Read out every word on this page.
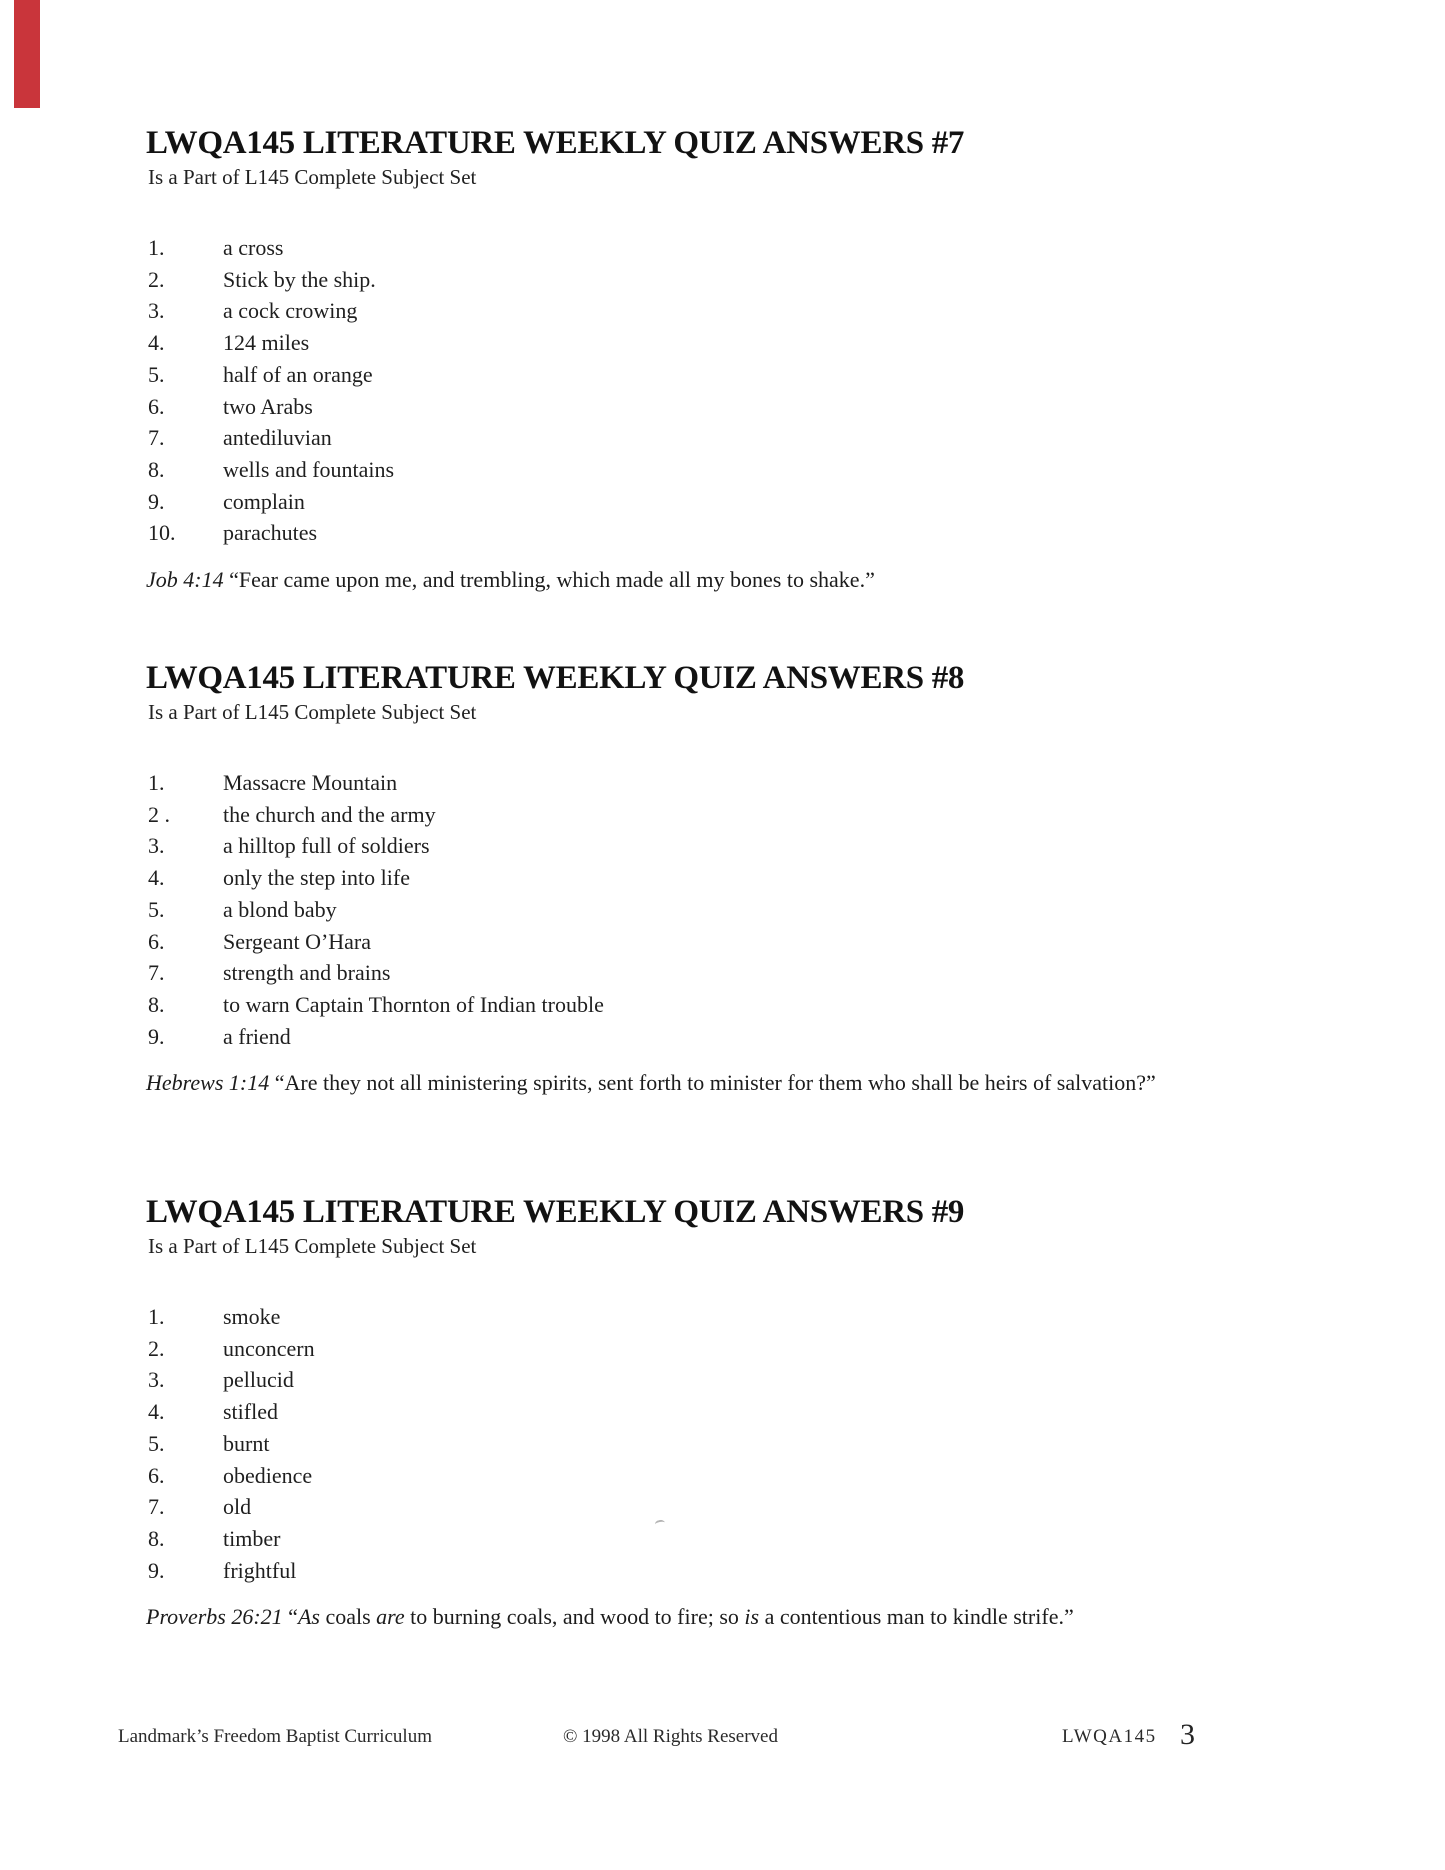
LWQA145 LITERATURE WEEKLY QUIZ ANSWERS #7
Is a Part of L145 Complete Subject Set
1.	a cross
2.	Stick by the ship.
3.	a cock crowing
4.	124 miles
5.	half of an orange
6.	two Arabs
7.	antediluvian
8.	wells and fountains
9.	complain
10.	parachutes

Job 4:14 “Fear came upon me, and trembling, which made all my bones to shake.”

LWQA145 LITERATURE WEEKLY QUIZ ANSWERS #8
Is a Part of L145 Complete Subject Set
1.	Massacre Mountain
2 .	the church and the army
3.	a hilltop full of soldiers
4.	only the step into life
5.	a blond baby
6.	Sergeant O’Hara
7.	strength and brains
8.	to warn Captain Thornton of Indian trouble
9.	a friend

Hebrews 1:14 “Are they not all ministering spirits, sent forth to minister for them who shall be heirs of salvation?”

LWQA145 LITERATURE WEEKLY QUIZ ANSWERS #9
Is a Part of L145 Complete Subject Set
1.	smoke
2.	unconcern
3.	pellucid
4.	stifled
5.	burnt
6.	obedience
7.	old
8.	timber
9.	frightful

Proverbs 26:21 “As coals are to burning coals, and wood to fire; so is a contentious man to kindle strife.”

Landmark’s Freedom Baptist Curriculum	© 1998 All Rights Reserved	LWQA145 3
